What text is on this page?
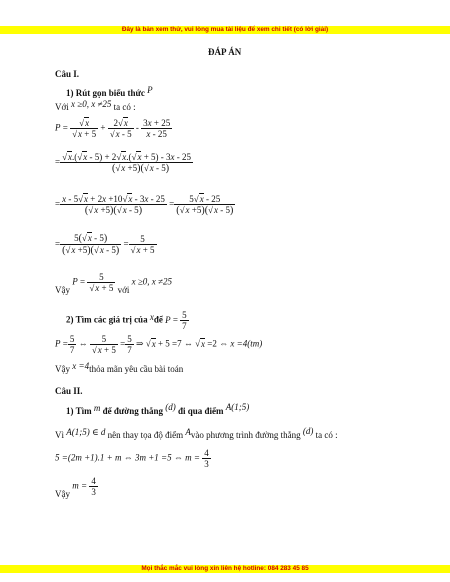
Đây là bản xem thử, vui lòng mua tài liệu để xem chi tiết (có lời giải)
ĐÁP ÁN
Câu I.
1) Rút gọn biểu thức P
Với x ≥0, x ≠25 ta có :
$P = \frac{√x}{√x + 5} + \frac{2√x}{√x - 5} - \frac{3x + 25}{x - 25}$
= $\frac{√x.(√x - 5) + 2√x.(√x + 5) - 3x - 25}{(√x +5)(√x - 5)}$
= $\frac{x - 5√x + 2x +10√x - 3x - 25}{(√x +5)(√x - 5)} = \frac{5√x - 25}{(√x +5)(√x - 5)}$
= $\frac{5(√x - 5)}{(√x +5)(√x - 5)} = \frac{5}{√x + 5}$
Vậy $P = \frac{5}{√x + 5}$ với x ≥0, x ≠25
2) Tìm các giá trị của xđể $P = \frac{5}{7}$
$P = \frac{5}{7}$ ⇔ $\frac{5}{√x + 5} = \frac{5}{7}$ ⇒ √x + 5 =7 ⇔ √x =2 ⇔ x =4(tm)
Vậy x =4thỏa mãn yêu cầu bài toán
Câu II.
1) Tìm m để đường thẳng (d) đi qua điểm A(1;5)
Vì A(1;5) ∈ d nên thay tọa độ điểm Avào phương trình đường thẳng (d) ta có :
5 =(2m +1).1 + m ⇔ 3m +1 =5 ⇔ $m = \frac{4}{3}$
Vậy $m = \frac{4}{3}$
Mọi thắc mắc vui lòng xin liên hệ hotline: 084 283 45 85
